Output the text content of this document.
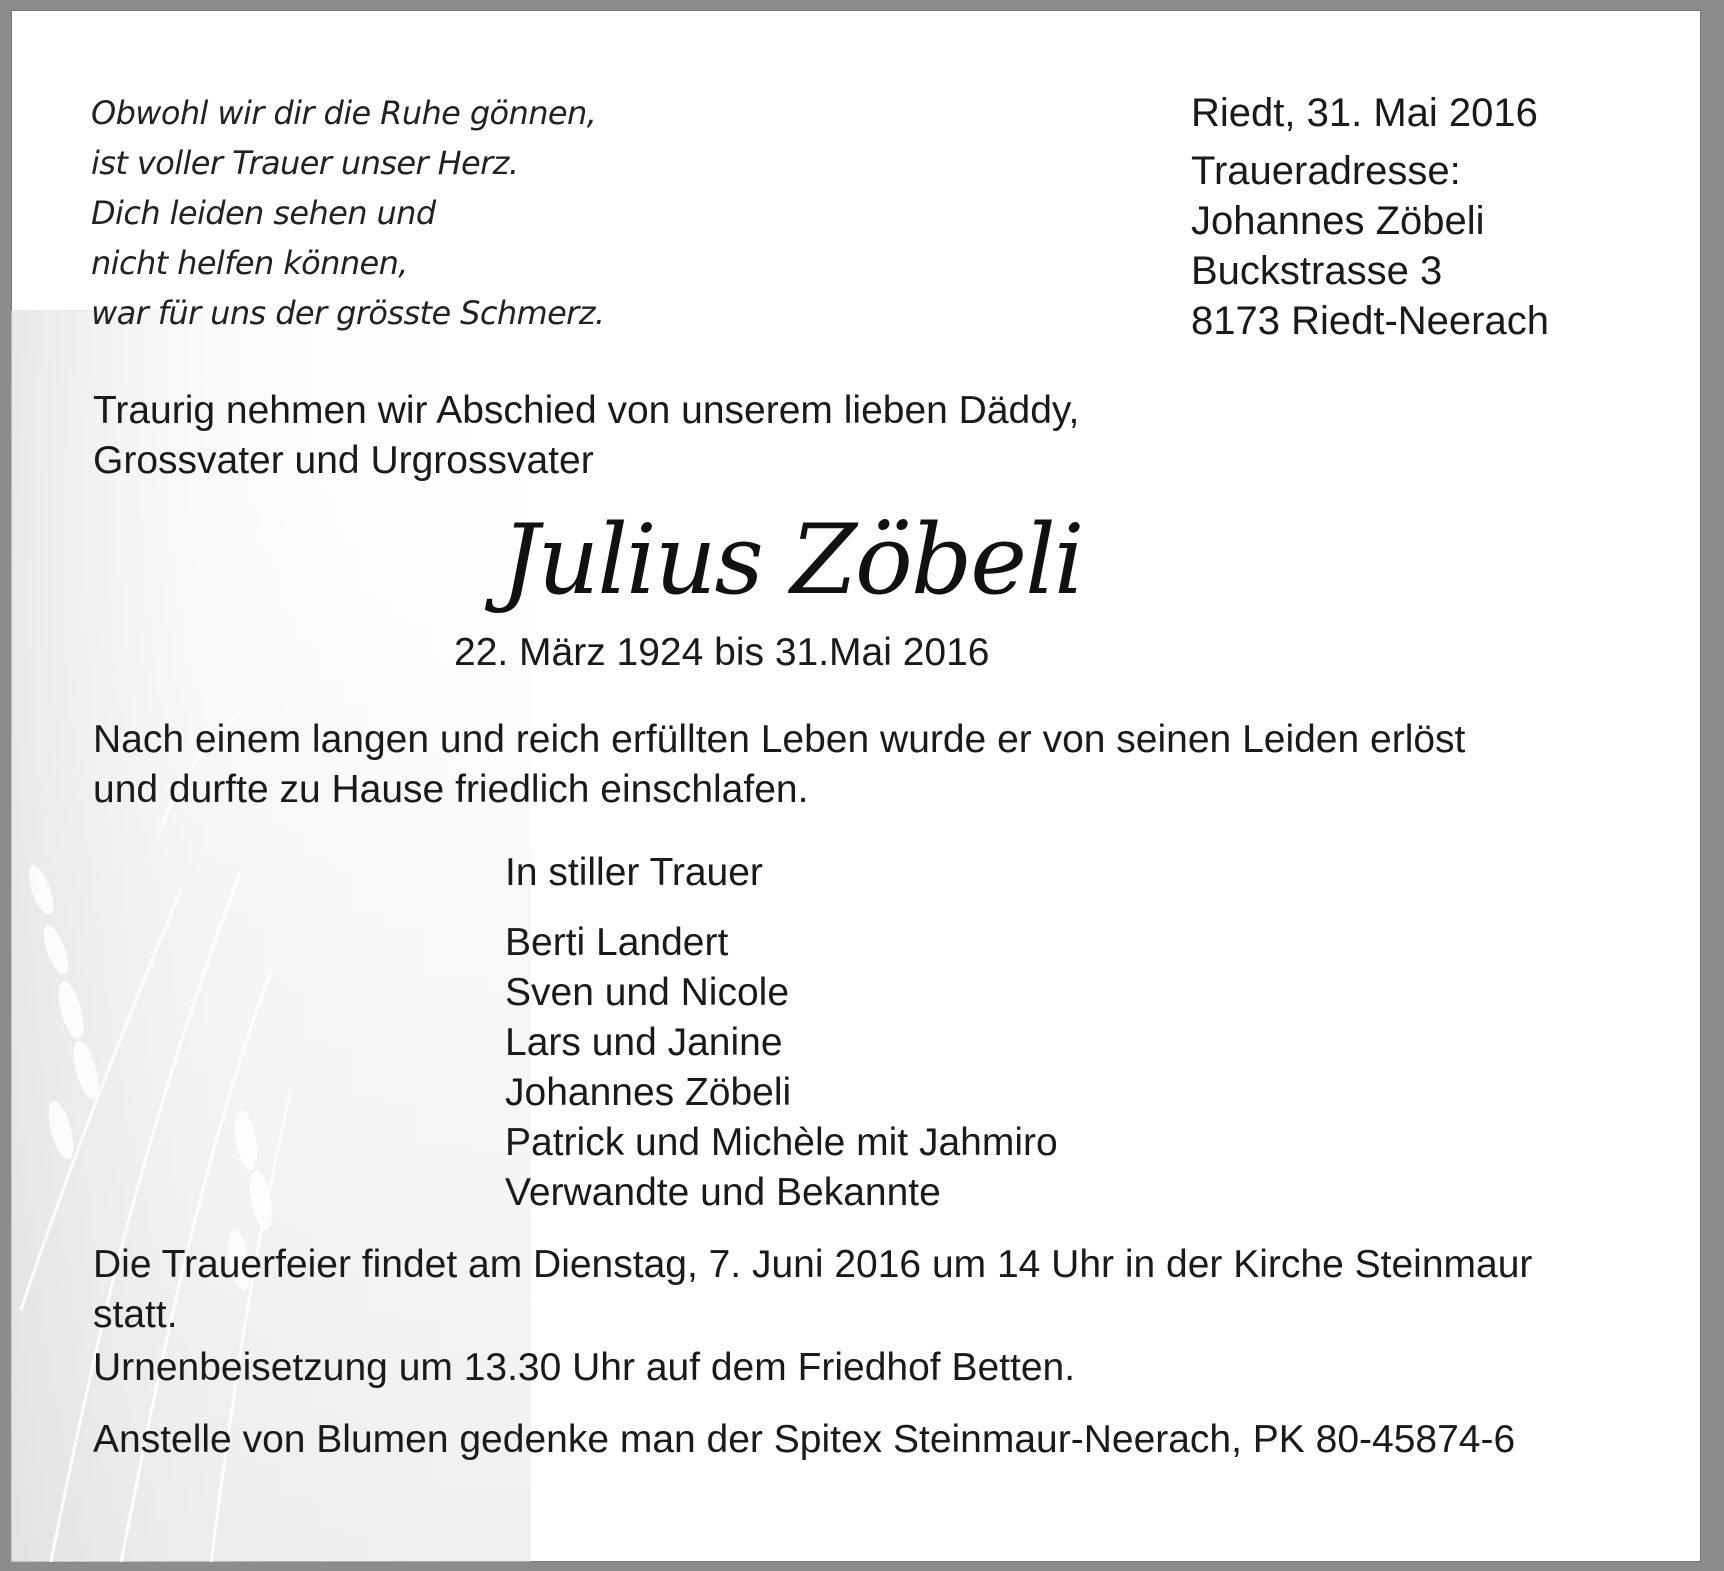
Obwohl wir dir die Ruhe gönnen,
ist voller Trauer unser Herz.
Dich leiden sehen und
nicht helfen können,
war für uns der grösste Schmerz.
Riedt, 31. Mai 2016
Traueradresse:
Johannes Zöbeli
Buckstrasse 3
8173 Riedt-Neerach
Traurig nehmen wir Abschied von unserem lieben Däddy,
Grossvater und Urgrossvater
Julius Zöbeli
22. März 1924 bis 31.Mai 2016
Nach einem langen und reich erfüllten Leben wurde er von seinen Leiden erlöst
und durfte zu Hause friedlich einschlafen.
In stiller Trauer
Berti Landert
Sven und Nicole
Lars und Janine
Johannes Zöbeli
Patrick und Michèle mit Jahmiro
Verwandte und Bekannte
Die Trauerfeier findet am Dienstag, 7. Juni 2016 um 14 Uhr in der Kirche Steinmaur
statt.
Urnenbeisetzung um 13.30 Uhr auf dem Friedhof Betten.
Anstelle von Blumen gedenke man der Spitex Steinmaur-Neerach, PK 80-45874-6
